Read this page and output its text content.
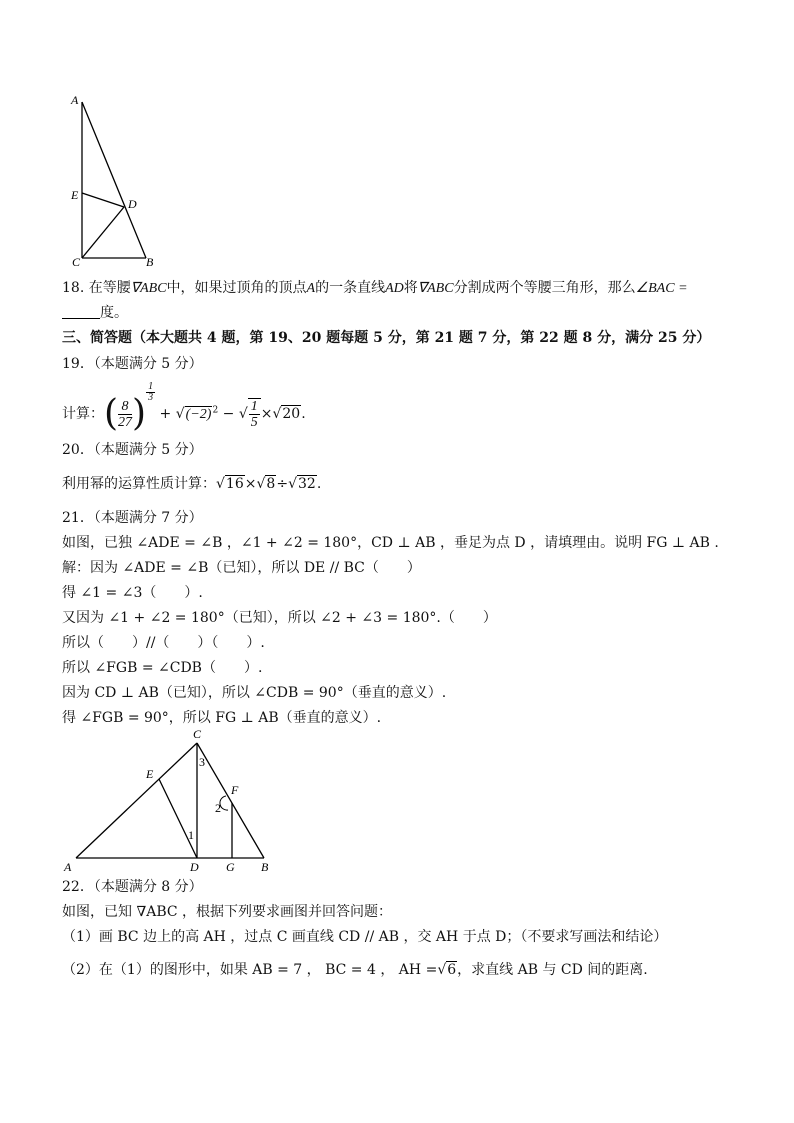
A
E
D
C	B
18. 在等腰∇ABC中，如果过顶角的顶点A的一条直线AD将∇ABC分割成两个等腰三角形，那么∠BAC =
度。
三、简答题（本大题共 4 题，第 19、20 题每题 5 分，第 21 题 7 分，第 22 题 8 分，满分 25 分）
19．（本题满分 5 分）
计算：( $\frac{8}{27}$ )
$\frac{1}{3}$
+ $√(-2)^2$ − √ $\frac{1}{5} \times√20$.
20．（本题满分 5 分）
利用幂的运算性质计算：√16×√8÷√32.
21．（本题满分 7 分）
如图，已独 ∠ADE = ∠B ，∠1 + ∠2 = 180°，CD ⊥ AB ，垂足为点 D ，请填理由。说明 FG ⊥ AB .
解：因为 ∠ADE = ∠B（已知），所以 DE // BC（　　）
得 ∠1 = ∠3（　　）.
又因为 ∠1 + ∠2 = 180°（已知），所以 ∠2 + ∠3 = 180°.（　　）
所以（　　）//（　　）（　　）.
所以 ∠FGB = ∠CDB（　　）.
因为 CD ⊥ AB（已知），所以 ∠CDB = 90°（垂直的意义）.
得 ∠FGB = 90°，所以 FG ⊥ AB（垂直的意义）.
C
E
F
A	D G B
1
2
3
22．（本题满分 8 分）
如图，已知 ∇ABC ，根据下列要求画图并回答问题：
（1）画 BC 边上的高 AH ，过点 C 画直线 CD // AB ，交 AH 于点 D；（不要求写画法和结论）
（2）在（1）的图形中，如果 AB = 7 ， BC = 4 ， AH =√6，求直线 AB 与 CD 间的距离.
